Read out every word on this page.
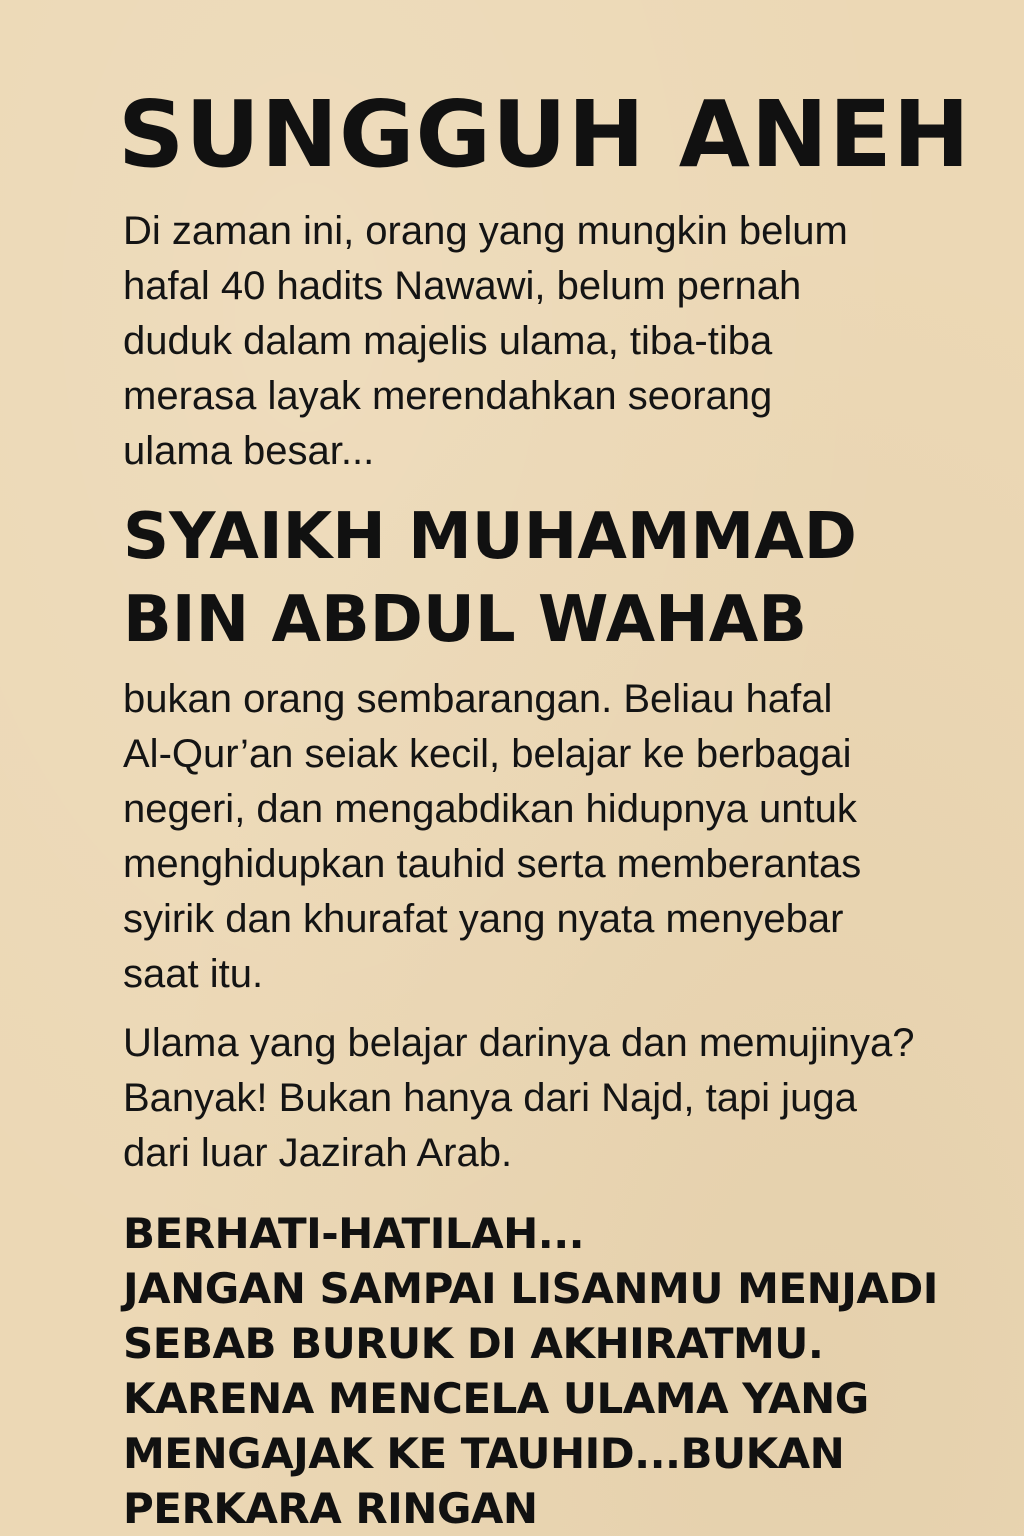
SUNGGUH ANEH

Di zaman ini, orang yang mungkin belum
hafal 40 hadits Nawawi, belum pernah
duduk dalam majelis ulama, tiba-tiba
merasa layak merendahkan seorang
ulama besar...

SYAIKH MUHAMMAD
BIN ABDUL WAHAB

bukan orang sembarangan. Beliau hafal
Al-Qur’an seiak kecil, belajar ke berbagai
negeri, dan mengabdikan hidupnya untuk
menghidupkan tauhid serta memberantas
syirik dan khurafat yang nyata menyebar
saat itu.

Ulama yang belajar darinya dan memujinya?
Banyak! Bukan hanya dari Najd, tapi juga
dari luar Jazirah Arab.

BERHATI-HATILAH...
JANGAN SAMPAI LISANMU MENJADI
SEBAB BURUK DI AKHIRATMU.
KARENA MENCELA ULAMA YANG
MENGAJAK KE TAUHID...BUKAN
PERKARA RINGAN
